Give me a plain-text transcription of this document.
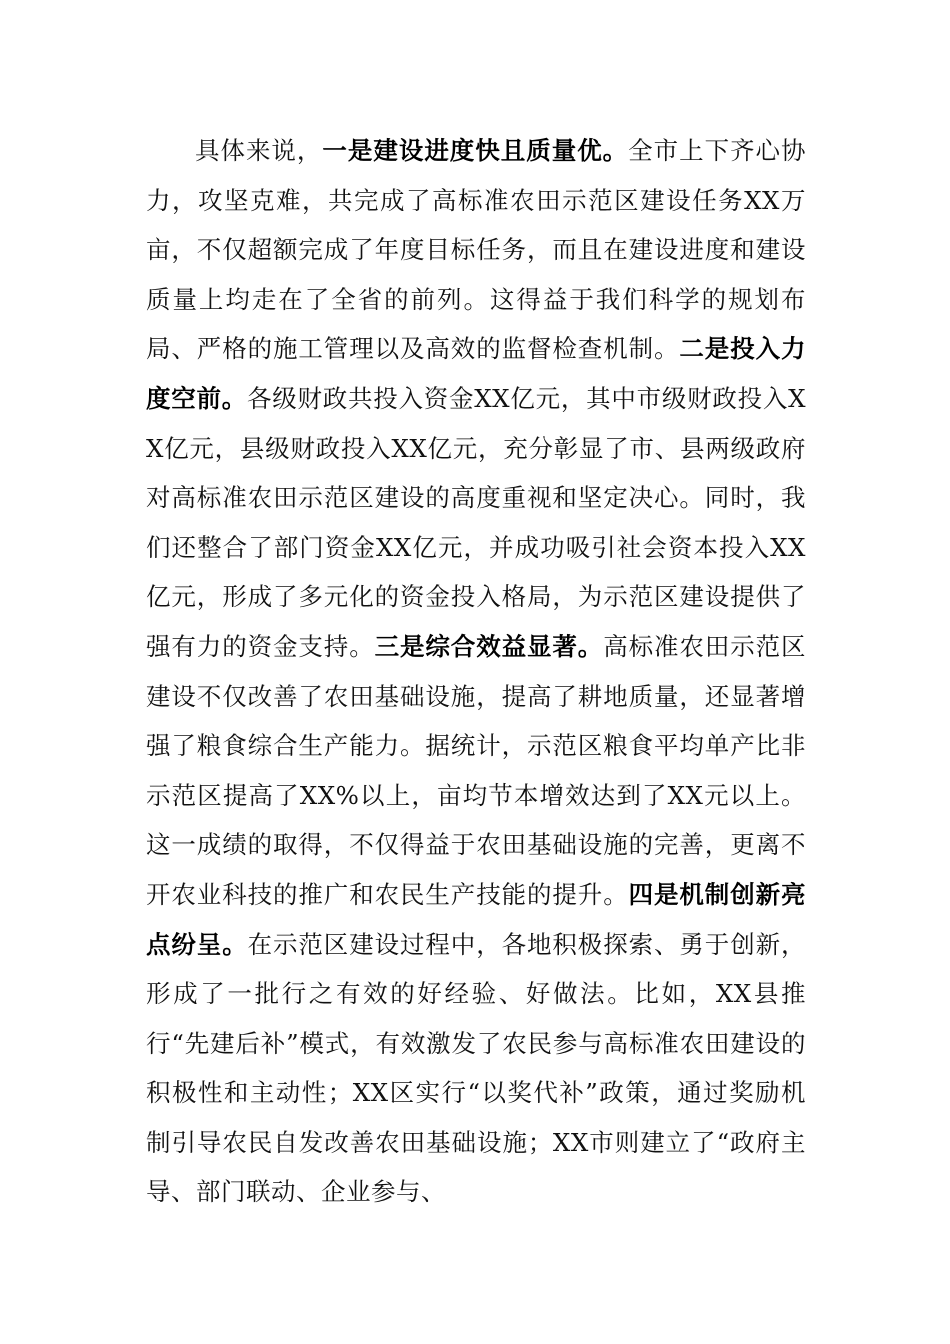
具体来说，一是建设进度快且质量优。全市上下齐心协力，攻坚克难，共完成了高标准农田示范区建设任务XX万亩，不仅超额完成了年度目标任务，而且在建设进度和建设质量上均走在了全省的前列。这得益于我们科学的规划布局、严格的施工管理以及高效的监督检查机制。二是投入力度空前。各级财政共投入资金XX亿元，其中市级财政投入XX亿元，县级财政投入XX亿元，充分彰显了市、县两级政府对高标准农田示范区建设的高度重视和坚定决心。同时，我们还整合了部门资金XX亿元，并成功吸引社会资本投入XX亿元，形成了多元化的资金投入格局，为示范区建设提供了强有力的资金支持。三是综合效益显著。高标准农田示范区建设不仅改善了农田基础设施，提高了耕地质量，还显著增强了粮食综合生产能力。据统计，示范区粮食平均单产比非示范区提高了XX%以上，亩均节本增效达到了XX元以上。这一成绩的取得，不仅得益于农田基础设施的完善，更离不开农业科技的推广和农民生产技能的提升。四是机制创新亮点纷呈。在示范区建设过程中，各地积极探索、勇于创新，形成了一批行之有效的好经验、好做法。比如，XX县推行“先建后补”模式，有效激发了农民参与高标准农田建设的积极性和主动性；XX区实行“以奖代补”政策，通过奖励机制引导农民自发改善农田基础设施；XX市则建立了“政府主导、部门联动、企业参与、
